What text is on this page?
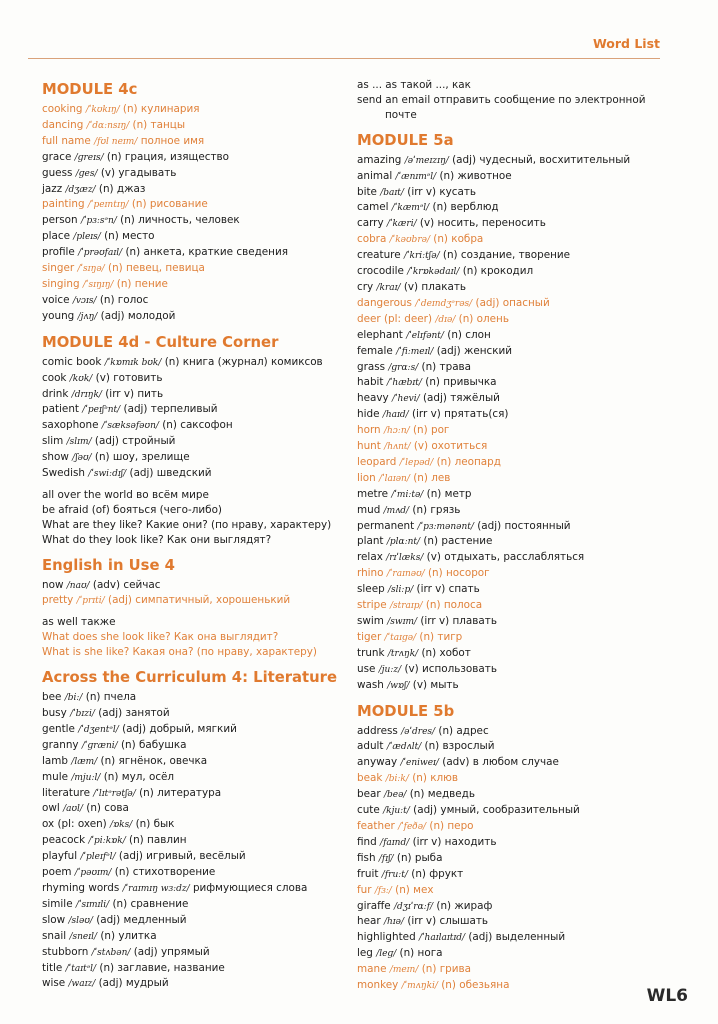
Word List
MODULE 4c
cooking /ˈkʊkɪŋ/ (n) кулинария
dancing /ˈdɑːnsɪŋ/ (n) танцы
full name /fʊl neɪm/ полное имя
grace /ɡreɪs/ (n) грация, изящество
guess /ɡes/ (v) угадывать
jazz /dʒæz/ (n) джаз
painting /ˈpeɪntɪŋ/ (n) рисование
person /ˈpɜːsᵊn/ (n) личность, человек
place /pleɪs/ (n) место
profile /ˈprəʊfaɪl/ (n) анкета, краткие сведения
singer /ˈsɪŋə/ (n) певец, певица
singing /ˈsɪŋɪŋ/ (n) пение
voice /vɔɪs/ (n) голос
young /jʌŋ/ (adj) молодой
MODULE 4d - Culture Corner
comic book /ˈkɒmɪk bʊk/ (n) книга (журнал) комиксов
cook /kʊk/ (v) готовить
drink /drɪŋk/ (irr v) пить
patient /ˈpeɪʃᵊnt/ (adj) терпеливый
saxophone /ˈsæksəfəʊn/ (n) саксофон
slim /slɪm/ (adj) стройный
show /ʃəʊ/ (n) шоу, зрелище
Swedish /ˈswiːdɪʃ/ (adj) шведский
all over the world во всём мире
be afraid (of) бояться (чего-либо)
What are they like? Какие они? (по нраву, характеру)
What do they look like? Как они выглядят?
English in Use 4
now /naʊ/ (adv) сейчас
pretty /ˈprɪti/ (adj) симпатичный, хорошенький
as well также
What does she look like? Как она выглядит?
What is she like? Какая она? (по нраву, характеру)
Across the Curriculum 4: Literature
bee /biː/ (n) пчела
busy /ˈbɪzi/ (adj) занятой
gentle /ˈdʒentᵊl/ (adj) добрый, мягкий
granny /ˈɡræni/ (n) бабушка
lamb /læm/ (n) ягнёнок, овечка
mule /mjuːl/ (n) мул, осёл
literature /ˈlɪtᵊrətʃə/ (n) литература
owl /aʊl/ (n) сова
ox (pl: oxen) /ɒks/ (n) бык
peacock /ˈpiːkɒk/ (n) павлин
playful /ˈpleɪfᵊl/ (adj) игривый, весёлый
poem /ˈpəʊɪm/ (n) стихотворение
rhyming words /ˈraɪmɪŋ wɜːdz/ рифмующиеся слова
simile /ˈsɪmɪli/ (n) сравнение
slow /sləʊ/ (adj) медленный
snail /sneɪl/ (n) улитка
stubborn /ˈstʌbən/ (adj) упрямый
title /ˈtaɪtᵊl/ (n) заглавие, название
wise /waɪz/ (adj) мудрый
as ... as такой ..., как
send an email отправить сообщение по электронной
почте
MODULE 5a
amazing /əˈmeɪzɪŋ/ (adj) чудесный, восхитительный
animal /ˈænɪmᵊl/ (n) животное
bite /baɪt/ (irr v) кусать
camel /ˈkæmᵊl/ (n) верблюд
carry /ˈkæri/ (v) носить, переносить
cobra /ˈkəʊbrə/ (n) кобра
creature /ˈkriːtʃə/ (n) создание, творение
crocodile /ˈkrɒkədaɪl/ (n) крокодил
cry /kraɪ/ (v) плакать
dangerous /ˈdeɪndʒᵊrəs/ (adj) опасный
deer (pl: deer) /dɪə/ (n) олень
elephant /ˈelɪfənt/ (n) слон
female /ˈfiːmeɪl/ (adj) женский
grass /ɡrɑːs/ (n) трава
habit /ˈhæbɪt/ (n) привычка
heavy /ˈhevi/ (adj) тяжёлый
hide /haɪd/ (irr v) прятать(ся)
horn /hɔːn/ (n) рог
hunt /hʌnt/ (v) охотиться
leopard /ˈlepəd/ (n) леопард
lion /ˈlaɪən/ (n) лев
metre /ˈmiːtə/ (n) метр
mud /mʌd/ (n) грязь
permanent /ˈpɜːmənənt/ (adj) постоянный
plant /plɑːnt/ (n) растение
relax /rɪˈlæks/ (v) отдыхать, расслабляться
rhino /ˈraɪnəʊ/ (n) носорог
sleep /sliːp/ (irr v) спать
stripe /straɪp/ (n) полоса
swim /swɪm/ (irr v) плавать
tiger /ˈtaɪɡə/ (n) тигр
trunk /trʌŋk/ (n) хобот
use /juːz/ (v) использовать
wash /wɒʃ/ (v) мыть
MODULE 5b
address /əˈdres/ (n) адрес
adult /ˈædʌlt/ (n) взрослый
anyway /ˈeniweɪ/ (adv) в любом случае
beak /biːk/ (n) клюв
bear /beə/ (n) медведь
cute /kjuːt/ (adj) умный, сообразительный
feather /ˈfeðə/ (n) перо
find /faɪnd/ (irr v) находить
fish /fɪʃ/ (n) рыба
fruit /fruːt/ (n) фрукт
fur /fɜː/ (n) мех
giraffe /dʒɪˈrɑːf/ (n) жираф
hear /hɪə/ (irr v) слышать
highlighted /ˈhaɪlaɪtɪd/ (adj) выделенный
leg /leɡ/ (n) нога
mane /meɪn/ (n) грива
monkey /ˈmʌŋki/ (n) обезьяна
WL6
